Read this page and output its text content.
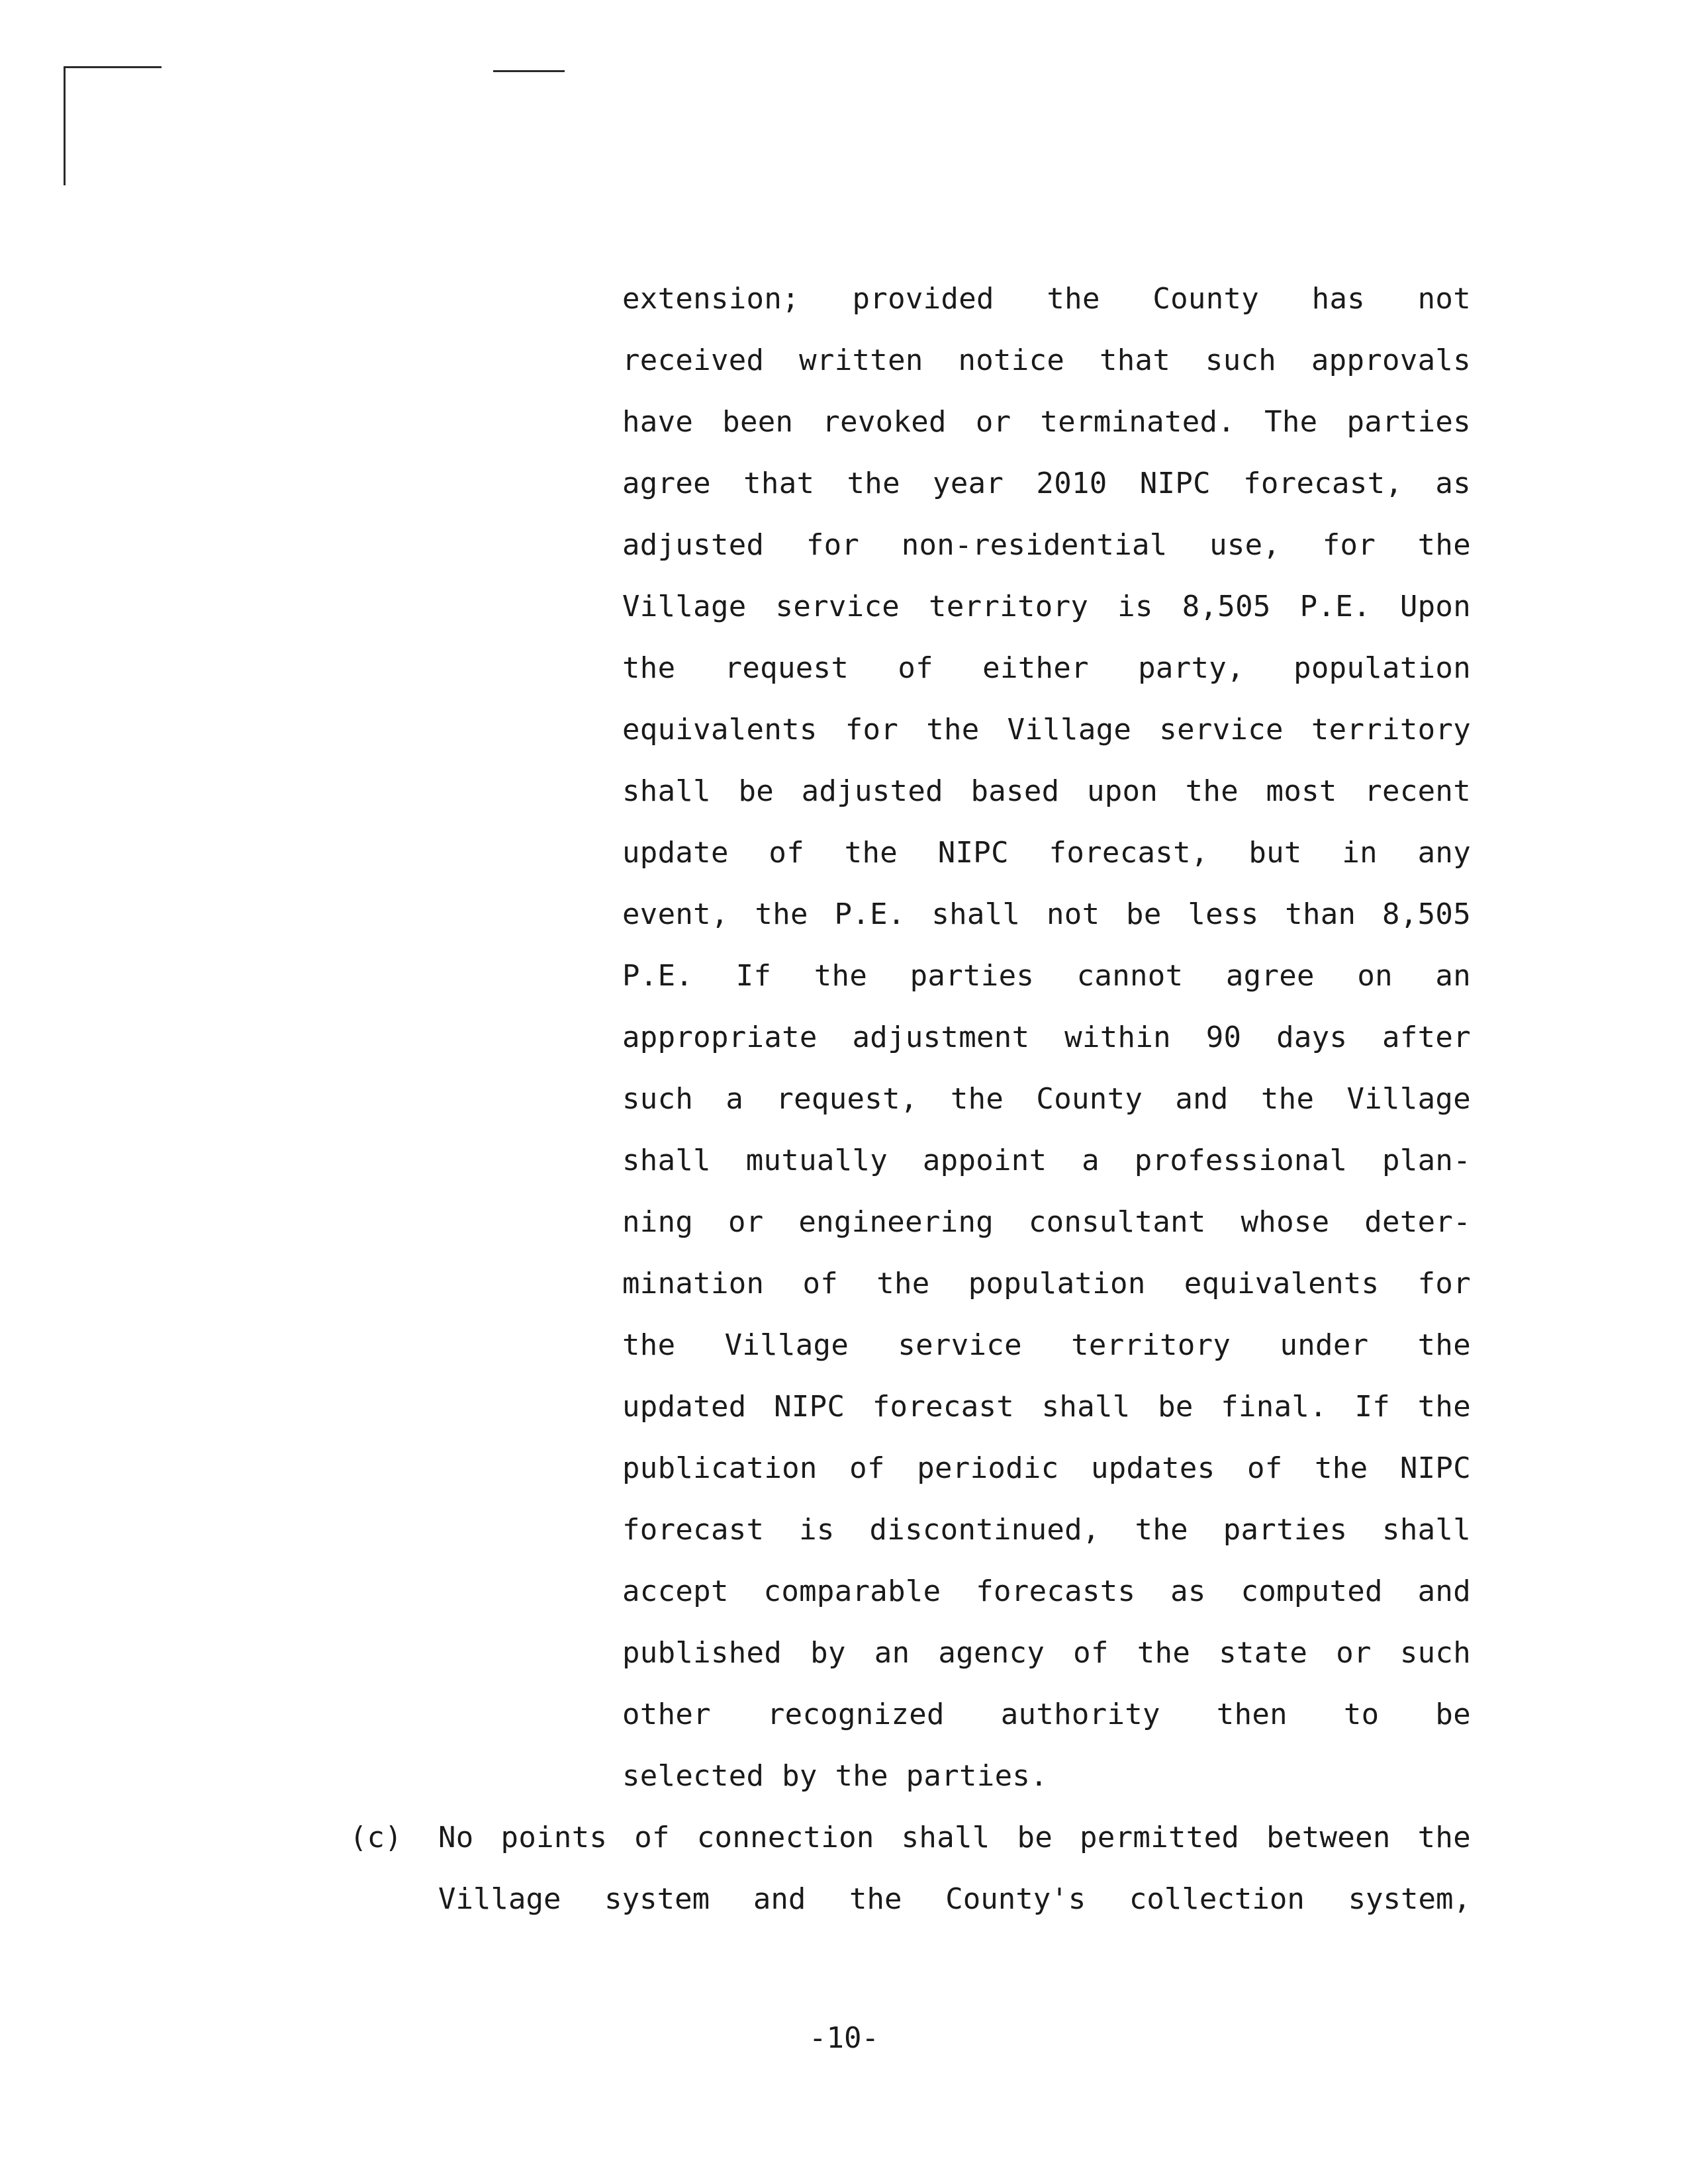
extension; provided the County has not
received written notice that such approvals
have been revoked or terminated. The parties
agree that the year 2010 NIPC forecast, as
adjusted for non-residential use, for the
Village service territory is 8,505 P.E. Upon
the request of either party, population
equivalents for the Village service territory
shall be adjusted based upon the most recent
update of the NIPC forecast, but in any
event, the P.E. shall not be less than 8,505
P.E. If the parties cannot agree on an
appropriate adjustment within 90 days after
such a request, the County and the Village
shall mutually appoint a professional plan-
ning or engineering consultant whose deter-
mination of the population equivalents for
the Village service territory under the
updated NIPC forecast shall be final. If the
publication of periodic updates of the NIPC
forecast is discontinued, the parties shall
accept comparable forecasts as computed and
published by an agency of the state or such
other recognized authority then to be
selected by the parties.
(c) No points of connection shall be permitted between the
Village system and the County's collection system,
-10-
